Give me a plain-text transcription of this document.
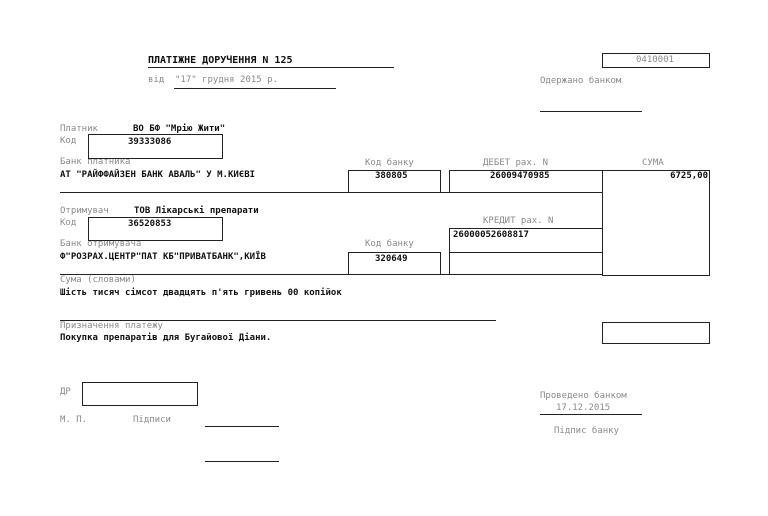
ПЛАТІЖНЕ ДОРУЧЕННЯ N 125	0410001
від "17" грудня 2015 р.	Одержано банком
Платник	ВО БФ "Мрію Жити"
Код	39333086
Банк платника	Код банку	ДЕБЕТ рах. N	СУМА
АТ "РАЙФФАЙЗЕН БАНК АВАЛЬ" У М.КИЄВІ	380805	26009470985	6725,00
Отримувач	ТОВ Лікарські препарати
Код	36520853	КРЕДИТ рах. N
26000052608817
Банк отримувача	Код банку
Ф"РОЗРАХ.ЦЕНТР"ПАТ КБ"ПРИВАТБАНК",КИЇВ	320649
Сума (словами)
Шість тисяч сімсот двадцять п'ять гривень 00 копійок
Призначення платежу
Покупка препаратів для Бугайової Діани.
ДР
М. П.	Підписи
Проведено банком
17.12.2015
Підпис банку
